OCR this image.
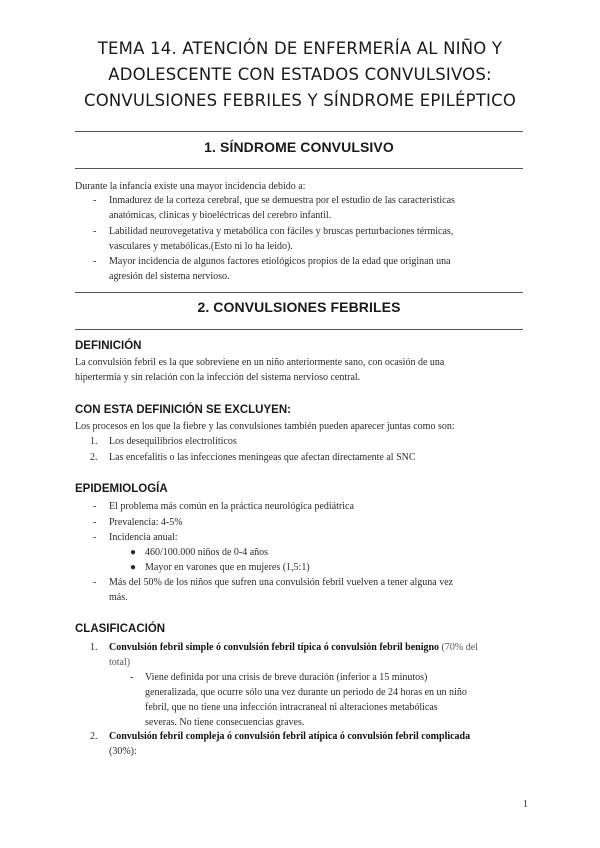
TEMA 14. ATENCIÓN DE ENFERMERÍA AL NIÑO Y
ADOLESCENTE CON ESTADOS CONVULSIVOS:
CONVULSIONES FEBRILES Y SÍNDROME EPILÉPTICO
1. SÍNDROME CONVULSIVO
Durante la infancia existe una mayor incidencia debido a:
- Inmadurez de la corteza cerebral, que se demuestra por el estudio de las caracteristicas
anatómicas, clinicas y bioeléctricas del cerebro infantil.
- Labilidad neurovegetativa y metabólica con fáciles y bruscas perturbaciones térmicas,
vasculares y metabólicas.(Esto ni lo ha leido).
- Mayor incidencia de algunos factores etiológicos propios de la edad que originan una
agresión del sistema nervioso.
2. CONVULSIONES FEBRILES
DEFINICIÓN
La convulsión febril es la que sobreviene en un niño anteriormente sano, con ocasión de una
hipertermia y sin relación con la infección del sistema nervioso central.
CON ESTA DEFINICIÓN SE EXCLUYEN:
Los procesos en los que la fiebre y las convulsiones también pueden aparecer juntas como son:
1. Los desequilibrios electrolíticos
2. Las encefalitis o las infecciones meningeas que afectan directamente al SNC
EPIDEMIOLOGÍA
- El problema más común en la práctica neurológica pediátrica
- Prevalencia: 4-5%
- Incidencia anual:
● 460/100.000 niños de 0-4 años
● Mayor en varones que en mujeres (1,5:1)
- Más del 50% de los niños que sufren una convulsión febril vuelven a tener alguna vez
más.
CLASIFICACIÓN
1. Convulsión febril simple ó convulsión febril típica ó convulsión febril benigno (70% del
total)
- Viene definida por una crisis de breve duración (inferior a 15 minutos)
generalizada, que ocurre sólo una vez durante un periodo de 24 horas en un niño
febril, que no tiene una infección intracraneal ni alteraciones metabólicas
severas. No tiene consecuencias graves.
2. Convulsión febril compleja ó convulsión febril atípica ó convulsión febril complicada
(30%):
1
